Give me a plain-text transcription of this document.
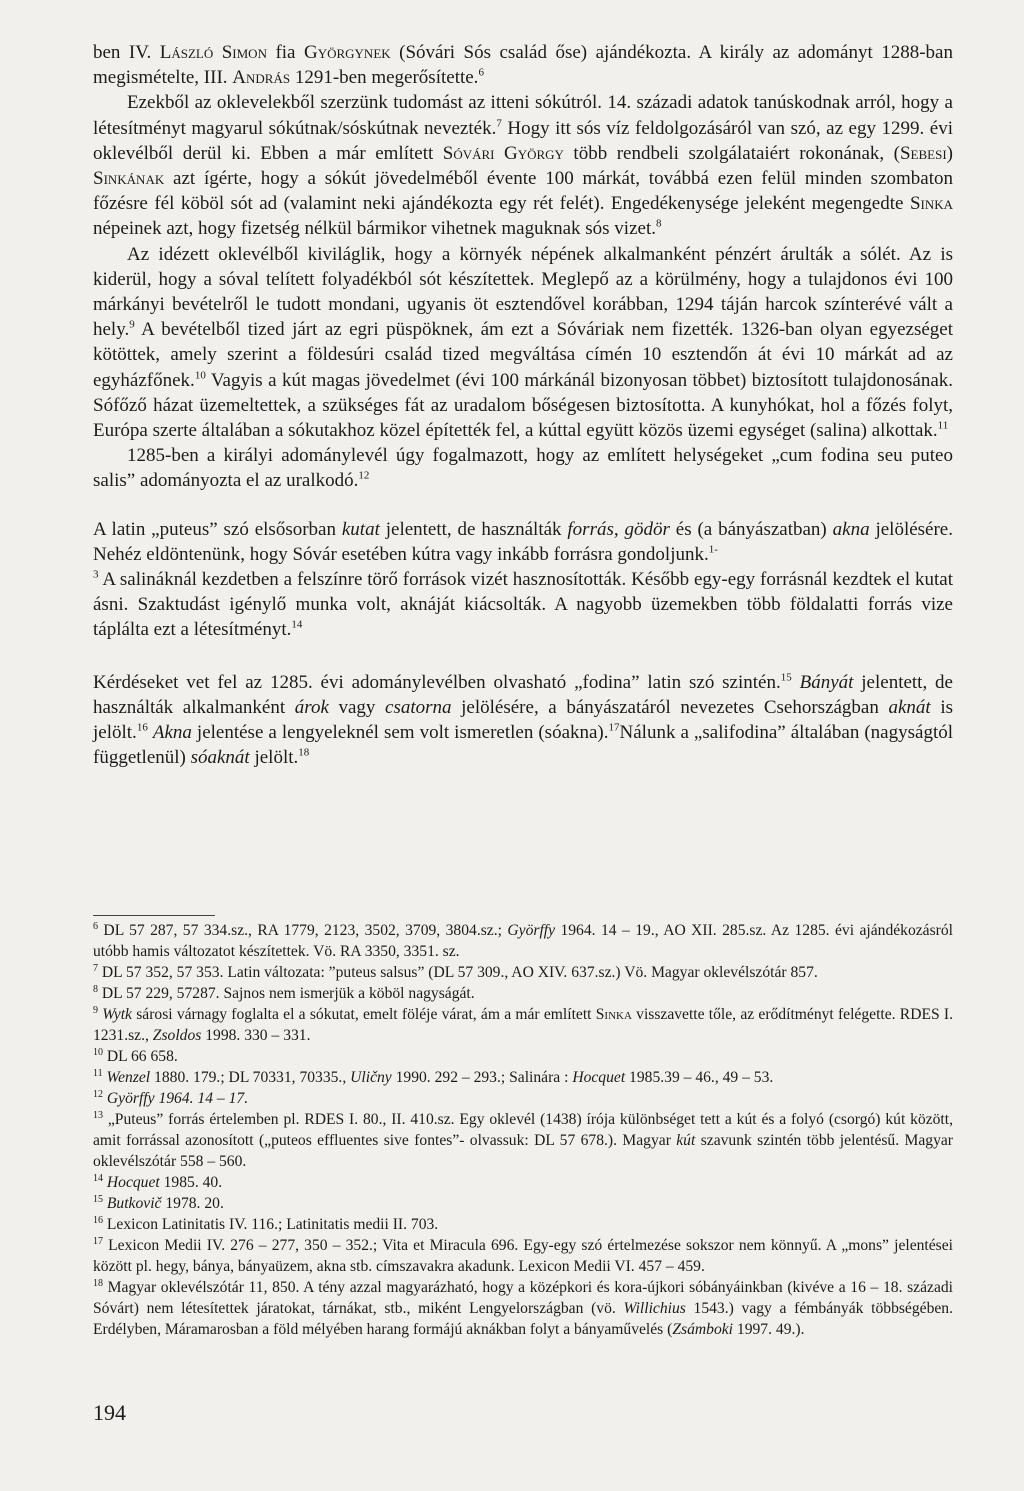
ben IV. László Simon fia Györgynek (Sóvári Sós család őse) ajándékozta. A király az adományt 1288-ban megismételte, III. András 1291-ben megerősítette.$^6$

Ezekből az oklevelekből szerzünk tudomást az itteni sókútról. 14. századi adatok tanúskodnak arról, hogy a létesítményt magyarul sókútnak/sóskútnak nevezték.$^7$ Hogy itt sós víz feldolgozásáról van szó, az egy 1299. évi oklevélből derül ki. Ebben a már említett Sóvári György több rendbeli szolgálataiért rokonának, (Sebesi) Sinkának azt ígérte, hogy a sókút jövedelméből évente 100 márkát, továbbá ezen felül minden szombaton főzésre fél köböl sót ad (valamint neki ajándékozta egy rét felét). Engedékenysége jeleként megengedte Sinka népeinek azt, hogy fizetség nélkül bármikor vihetnek maguknak sós vizet.$^8$

Az idézett oklevélből kiviláglik, hogy a környék népének alkalmanként pénzért árulták a sólét. Az is kiderül, hogy a sóval telített folyadékból sót készítettek. Meglepő az a körülmény, hogy a tulajdonos évi 100 márkányi bevételről le tudott mondani, ugyanis öt esztendővel korábban, 1294 táján harcok színterévé vált a hely.$^9$ A bevételből tized járt az egri püspöknek, ám ezt a Sóváriak nem fizették. 1326-ban olyan egyezséget kötöttek, amely szerint a földesúri család tized megváltása címén 10 esztendőn át évi 10 márkát ad az egyházfőnek.$^{10}$ Vagyis a kút magas jövedelmet (évi 100 márkánál bizonyosan többet) biztosított tulajdonosának. Sófőző házat üzemeltettek, a szükséges fát az uradalom bőségesen biztosította. A kunyhókat, hol a főzés folyt, Európa szerte általában a sókutakhoz közel építették fel, a kúttal együtt közös üzemi egységet (salina) alkottak.$^{11}$

1285-ben a királyi adománylevél úgy fogalmazott, hogy az említett helységeket „cum fodina seu puteo salis” adományozta el az uralkodó.$^{12}$

A latin „puteus” szó elsősorban kutat jelentett, de használták forrás, gödör és (a bányászatban) akna jelölésére. Nehéz eldöntenünk, hogy Sóvár esetében kútra vagy inkább forrásra gondoljunk.$^{1-}$
$^3$ A salináknál kezdetben a felszínre törő források vizét hasznosították. Később egy-egy forrásnál kezdtek el kutat ásni. Szaktudást igénylő munka volt, aknáját kiácsolták. A nagyobb üzemekben több földalatti forrás vize táplálta ezt a létesítményt.$^{14}$

Kérdéseket vet fel az 1285. évi adománylevélben olvasható „fodina” latin szó szintén.$^{15}$ Bányát jelentett, de használták alkalmanként árok vagy csatorna jelölésére, a bányászatáról nevezetes Csehországban aknát is jelölt.$^{16}$ Akna jelentése a lengyeleknél sem volt ismeretlen (sóakna).$^{17}$Nálunk a „salifodina” általában (nagyságtól függetlenül) sóaknát jelölt.$^{18}$

$^6$ DL 57 287, 57 334.sz., RA 1779, 2123, 3502, 3709, 3804.sz.; Györffy 1964. 14 – 19., AO XII. 285.sz. Az 1285. évi ajándékozásról utóbb hamis változatot készítettek. Vö. RA 3350, 3351. sz.

$^7$ DL 57 352, 57 353. Latin változata: ”puteus salsus” (DL 57 309., AO XIV. 637.sz.) Vö. Magyar oklevélszótár 857.

$^8$ DL 57 229, 57287. Sajnos nem ismerjük a köböl nagyságát.

$^9$ Wytk sárosi várnagy foglalta el a sókutat, emelt föléje várat, ám a már említett Sinka visszavette tőle, az erődítményt felégette. RDES I. 1231.sz., Zsoldos 1998. 330 – 331.

$^{10}$ DL 66 658.

$^{11}$ Wenzel 1880. 179.; DL 70331, 70335., Uličny 1990. 292 – 293.; Salinára : Hocquet 1985.39 – 46., 49 – 53.

$^{12}$ Györffy 1964. 14 – 17.

$^{13}$ „Puteus” forrás értelemben pl. RDES I. 80., II. 410.sz. Egy oklevél (1438) írója különbséget tett a kút és a folyó (csorgó) kút között, amit forrással azonosított („puteos effluentes sive fontes”- olvassuk: DL 57 678.). Magyar kút szavunk szintén több jelentésű. Magyar oklevélszótár 558 – 560.

$^{14}$ Hocquet 1985. 40.

$^{15}$ Butkovič 1978. 20.

$^{16}$ Lexicon Latinitatis IV. 116.; Latinitatis medii II. 703.

$^{17}$ Lexicon Medii IV. 276 – 277, 350 – 352.; Vita et Miracula 696. Egy-egy szó értelmezése sokszor nem könnyű. A „mons” jelentései között pl. hegy, bánya, bányaüzem, akna stb. címszavakra akadunk. Lexicon Medii VI. 457 – 459.

$^{18}$ Magyar oklevélszótár 11, 850. A tény azzal magyarázható, hogy a középkori és kora-újkori sóbányáinkban (kivéve a 16 – 18. századi Sóvárt) nem létesítettek járatokat, tárnákat, stb., miként Lengyelországban (vö. Willichius 1543.) vagy a fémbányák többségében. Erdélyben, Máramarosban a föld mélyében harang formájú aknákban folyt a bányaművelés (Zsámboki 1997. 49.).

194
